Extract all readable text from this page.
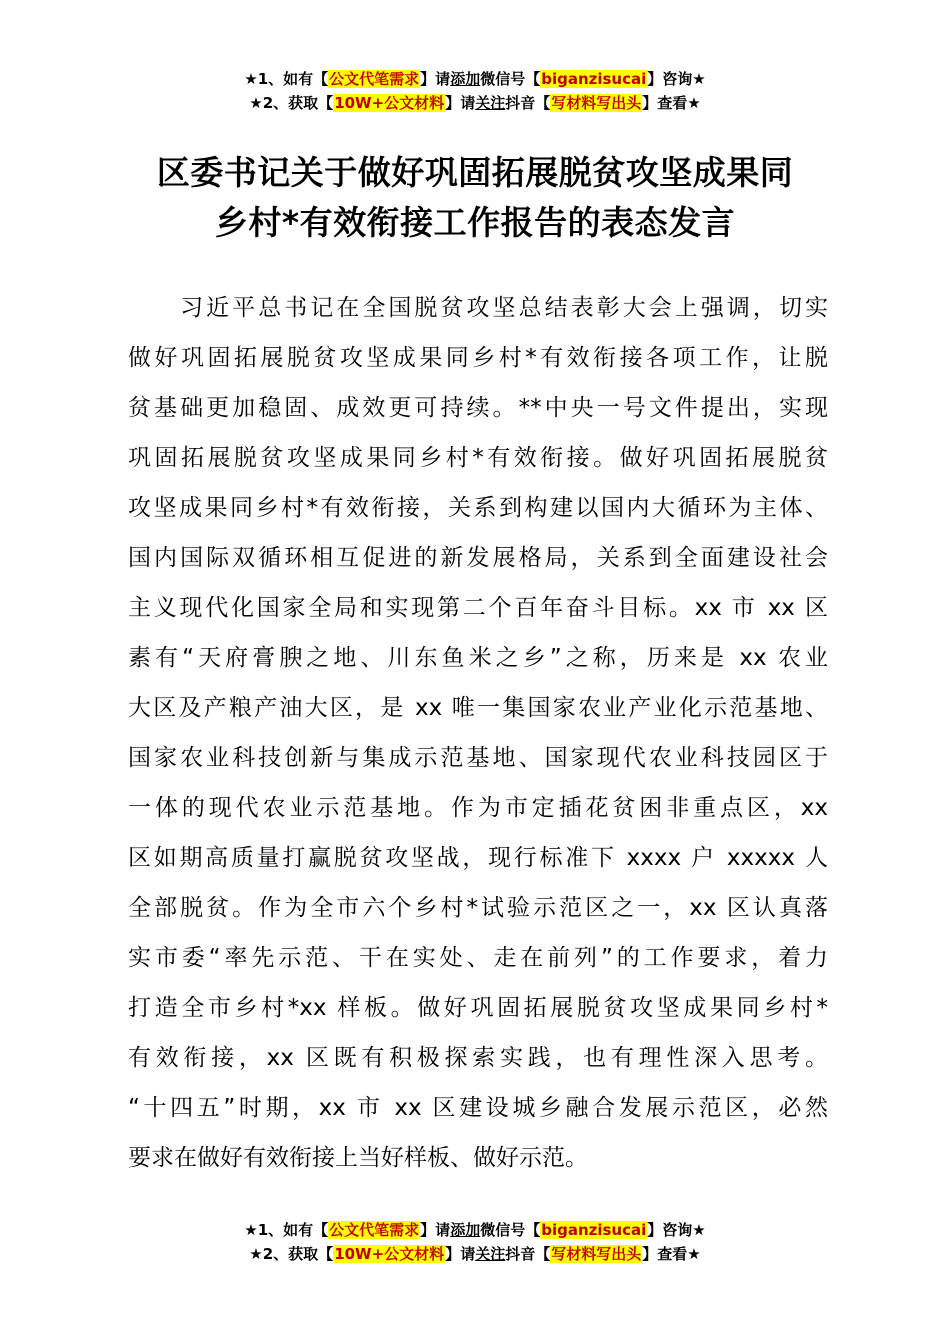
★1、如有【公文代笔需求】请添加微信号【biganzisucai】咨询★
★2、获取【10W+公文材料】请关注抖音【写材料写出头】查看★
区委书记关于做好巩固拓展脱贫攻坚成果同
乡村*有效衔接工作报告的表态发言
　　习近平总书记在全国脱贫攻坚总结表彰大会上强调，切实
做好巩固拓展脱贫攻坚成果同乡村*有效衔接各项工作，让脱
贫基础更加稳固、成效更可持续。**中央一号文件提出，实现
巩固拓展脱贫攻坚成果同乡村*有效衔接。做好巩固拓展脱贫
攻坚成果同乡村*有效衔接，关系到构建以国内大循环为主体、
国内国际双循环相互促进的新发展格局，关系到全面建设社会
主义现代化国家全局和实现第二个百年奋斗目标。xx 市 xx 区
素有“天府膏腴之地、川东鱼米之乡”之称，历来是 xx 农业
大区及产粮产油大区，是 xx 唯一集国家农业产业化示范基地、
国家农业科技创新与集成示范基地、国家现代农业科技园区于
一体的现代农业示范基地。作为市定插花贫困非重点区，xx
区如期高质量打赢脱贫攻坚战，现行标准下 xxxx 户 xxxxx 人
全部脱贫。作为全市六个乡村*试验示范区之一，xx 区认真落
实市委“率先示范、干在实处、走在前列”的工作要求，着力
打造全市乡村*xx 样板。做好巩固拓展脱贫攻坚成果同乡村*
有效衔接，xx 区既有积极探索实践，也有理性深入思考。
“十四五”时期，xx 市 xx 区建设城乡融合发展示范区，必然
要求在做好有效衔接上当好样板、做好示范。
★1、如有【公文代笔需求】请添加微信号【biganzisucai】咨询★
★2、获取【10W+公文材料】请关注抖音【写材料写出头】查看★
